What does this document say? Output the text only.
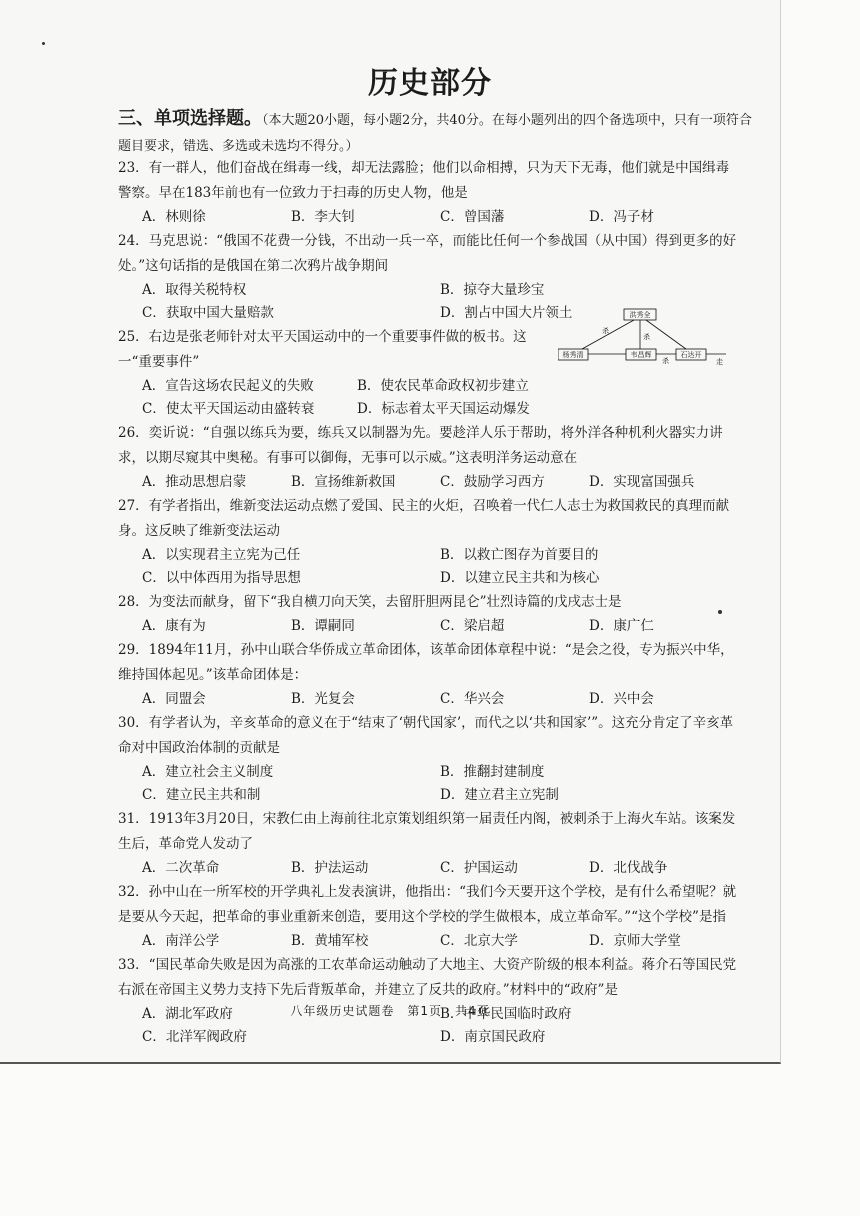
历史部分
三、单项选择题。（本大题20小题，每小题2分，共40分。在每小题列出的四个备选项中，只有一项符合题目要求，错选、多选或未选均不得分。）
23．有一群人，他们奋战在缉毒一线，却无法露脸；他们以命相搏，只为天下无毒，他们就是中国缉毒警察。早在183年前也有一位致力于扫毒的历史人物，他是
A．林则徐	B．李大钊	C．曾国藩	D．冯子材
24．马克思说：“俄国不花费一分钱，不出动一兵一卒，而能比任何一个参战国（从中国）得到更多的好处。”这句话指的是俄国在第二次鸦片战争期间
A．取得关税特权	B．掠夺大量珍宝
C．获取中国大量赔款	D．割占中国大片领土
25．右边是张老师针对太平天国运动中的一个重要事件做的板书。这一“重要事件”
A．宣告这场农民起义的失败	B．使农民革命政权初步建立
C．使太平天国运动由盛转衰	D．标志着太平天国运动爆发
26．奕䜣说：“自强以练兵为要，练兵又以制器为先。要趁洋人乐于帮助，将外洋各种机利火器实力讲求，以期尽窥其中奥秘。有事可以御侮，无事可以示威。”这表明洋务运动意在
A．推动思想启蒙	B．宣扬维新救国	C．鼓励学习西方	D．实现富国强兵
27．有学者指出，维新变法运动点燃了爱国、民主的火炬，召唤着一代仁人志士为救国救民的真理而献身。这反映了维新变法运动
A．以实现君主立宪为己任	B．以救亡图存为首要目的
C．以中体西用为指导思想	D．以建立民主共和为核心
28．为变法而献身，留下“我自横刀向天笑，去留肝胆两昆仑”壮烈诗篇的戊戌志士是
A．康有为	B．谭嗣同	C．梁启超	D．康广仁
29．1894年11月，孙中山联合华侨成立革命团体，该革命团体章程中说：“是会之役，专为振兴中华，维持国体起见。”该革命团体是：
A．同盟会	B．光复会	C．华兴会	D．兴中会
30．有学者认为，辛亥革命的意义在于“结束了‘朝代国家’，而代之以‘共和国家’”。这充分肯定了辛亥革命对中国政治体制的贡献是
A．建立社会主义制度	B．推翻封建制度
C．建立民主共和制	D．建立君主立宪制
31．1913年3月20日，宋教仁由上海前往北京策划组织第一届责任内阁，被刺杀于上海火车站。该案发生后，革命党人发动了
A．二次革命	B．护法运动	C．护国运动	D．北伐战争
32．孙中山在一所军校的开学典礼上发表演讲，他指出：“我们今天要开这个学校，是有什么希望呢？就是要从今天起，把革命的事业重新来创造，要用这个学校的学生做根本，成立革命军。”“这个学校”是指
A．南洋公学	B．黄埔军校	C．北京大学	D．京师大学堂
33．“国民革命失败是因为高涨的工农革命运动触动了大地主、大资产阶级的根本利益。蒋介石等国民党右派在帝国主义势力支持下先后背叛革命，并建立了反共的政府。”材料中的“政府”是
A．湖北军政府	B．中华民国临时政府
C．北洋军阀政府	D．南京国民政府
洪秀全
杨秀清	韦昌辉	石达开
杀
杀
杀	走
八年级历史试题卷　第1页　共4页
